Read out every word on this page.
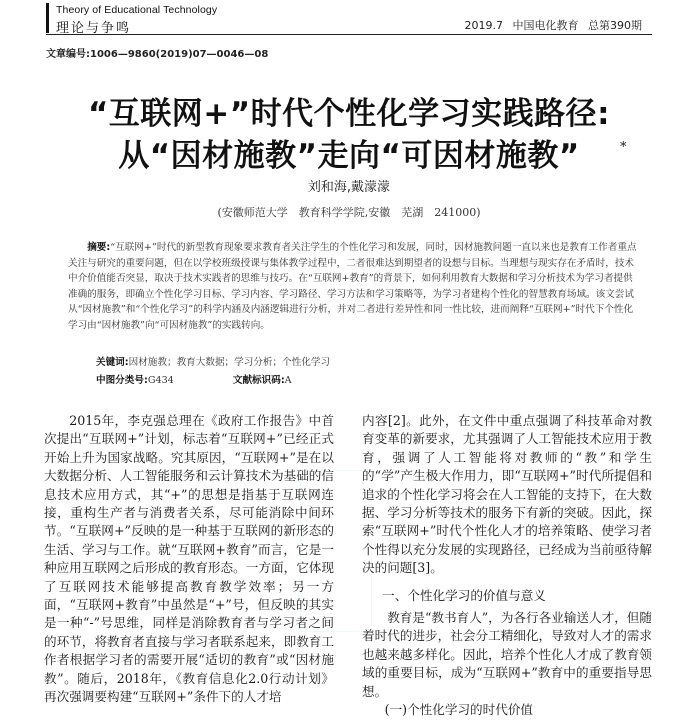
Theory of Educational Technology
理论与争鸣	2019.7 中国电化教育 总第390期
文章编号:1006—9860(2019)07—0046—08
“互联网+”时代个性化学习实践路径:
从“因材施教”走向“可因材施教”	*
刘和海,戴濛濛
(安徽师范大学　教育科学学院,安徽　芜湖　241000)

摘要:“互联网+”时代的新型教育现象要求教育者关注学生的个性化学习和发展，同时，因材施教问题一直以来也是教育工作者重点关注与研究的重要问题，但在以学校班级授课与集体教学过程中，二者很难达到期望者的设想与目标。当理想与现实存在矛盾时，技术中介价值能否突显，取决于技术实践者的思维与技巧。在“互联网+教育”的背景下，如何利用教育大数据和学习分析技术为学习者提供准确的服务，即确立个性化学习目标、学习内容、学习路径、学习方法和学习策略等，为学习者建构个性化的智慧教育场域。该文尝试从“因材施教”和“个性化学习”的科学内涵及内涵逻辑进行分析，并对二者进行差异性和同一性比较，进而阐释“互联网+”时代下个性化学习由“因材施教”向“可因材施教”的实践转向。

关键词:因材施教；教育大数据；学习分析；个性化学习
中图分类号:G434	文献标识码:A

2015年，李克强总理在《政府工作报告》中首次提出“互联网+”计划，标志着“互联网+”已经正式开始上升为国家战略。究其原因，“互联网+”是在以大数据分析、人工智能服务和云计算技术为基础的信息技术应用方式，其“+”的思想是指基于互联网连接，重构生产者与消费者关系，尽可能消除中间环节。“互联网+”反映的是一种基于互联网的新形态的生活、学习与工作。就“互联网+教育”而言，它是一种应用互联网之后形成的教育形态。一方面，它体现了互联网技术能够提高教育教学效率；另一方面，“互联网+教育”中虽然是“+”号，但反映的其实是一种“-”号思维，同样是消除教育者与学习者之间的环节，将教育者直接与学习者联系起来，即教育工作者根据学习者的需要开展“适切的教育”或“因材施教”。随后，2018年，《教育信息化2.0行动计划》再次强调要构建“互联网+”条件下的人才培

内容[2]。此外，在文件中重点强调了科技革命对教育变革的新要求，尤其强调了人工智能技术应用于教育，强调了人工智能将对教师的“教”和学生的“学”产生极大作用力，即“互联网+”时代所提倡和追求的个性化学习将会在人工智能的支持下，在大数据、学习分析等技术的服务下有新的突破。因此，探索“互联网+”时代个性化人才的培养策略、使学习者个性得以充分发展的实现路径，已经成为当前亟待解决的问题[3]。

一、个性化学习的价值与意义

教育是“教书育人”，为各行各业输送人才，但随着时代的进步，社会分工精细化，导致对人才的需求也越来越多样化。因此，培养个性化人才成了教育领域的重要目标，成为“互联网+”教育中的重要指导思想。

(一)个性化学习的时代价值
